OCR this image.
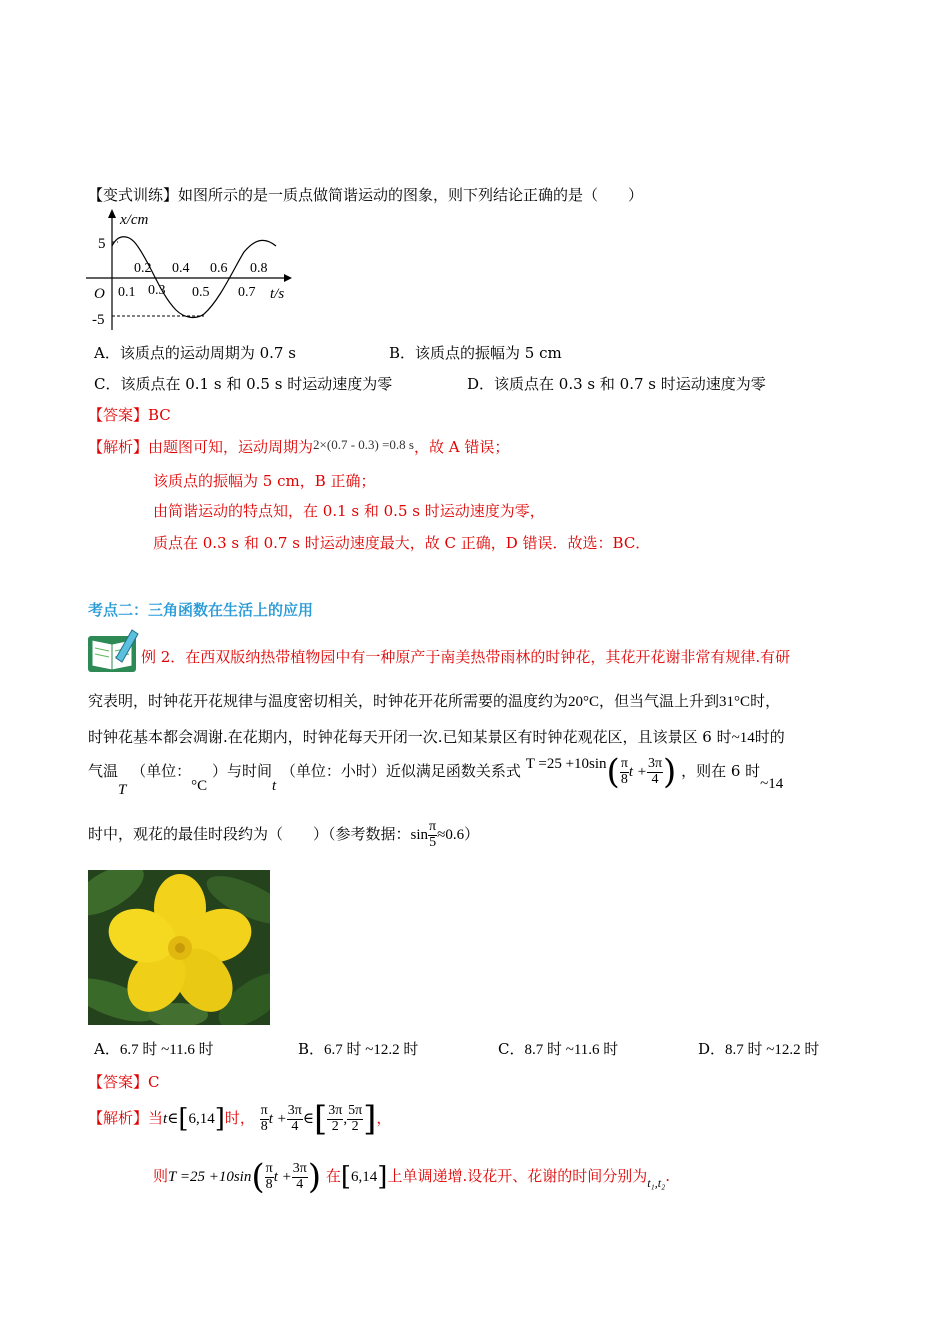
【变式训练】如图所示的是一质点做简谐运动的图象，则下列结论正确的是（　　）
x/cm
5
-5
O
0.2 0.4 0.6 0.8
0.1 0.3 0.5 0.7 t/s
A．该质点的运动周期为 0.7 s	B．该质点的振幅为 5 cm
C．该质点在 0.1 s 和 0.5 s 时运动速度为零	D．该质点在 0.3 s 和 0.7 s 时运动速度为零
【答案】BC
【解析】由题图可知，运动周期为2×(0.7 - 0.3) =0.8 s，故 A 错误；
该质点的振幅为 5 cm，B 正确；
由简谐运动的特点知，在 0.1 s 和 0.5 s 时运动速度为零，
质点在 0.3 s 和 0.7 s 时运动速度最大，故 C 正确，D 错误．故选：BC．
考点二：三角函数在生活上的应用
例 2．在西双版纳热带植物园中有一种原产于南美热带雨林的时钟花，其花开花谢非常有规律.有研
究表明，时钟花开花规律与温度密切相关，时钟花开花所需要的温度约为20°C，但当气温上升到31°C时，
时钟花基本都会凋谢.在花期内，时钟花每天开闭一次.已知某景区有时钟花观花区，且该景区 6 时~14时的
气温T （单位：°C ）与时间t （单位：小时）近似满足函数关系式 $T =25 +10\sin( \frac{\pi}{8}$ $t + \frac{3\pi}{4}$ ) ，则在 6 时~14
时中，观花的最佳时段约为（　　）（参考数据：$\sin \frac{\pi}{5} \approx 0.6$）
A．6.7 时 ~11.6 时	B．6.7 时 ~12.2 时	C．8.7 时 ~11.6 时	D．8.7 时 ~12.2 时
【答案】C
【解析】当t∈[6,14]时， $\frac{\pi}{8}$ $t + \frac{3\pi}{4}$ ∈[ $\frac{3\pi}{2}$ , $\frac{5\pi}{2}$ ]，
则$T =25 +10\sin( \frac{\pi}{8}$ $t + \frac{3\pi}{4}$ ) 在[6,14]上单调递增.设花开、花谢的时间分别为$_{t_1,t_2}$.
